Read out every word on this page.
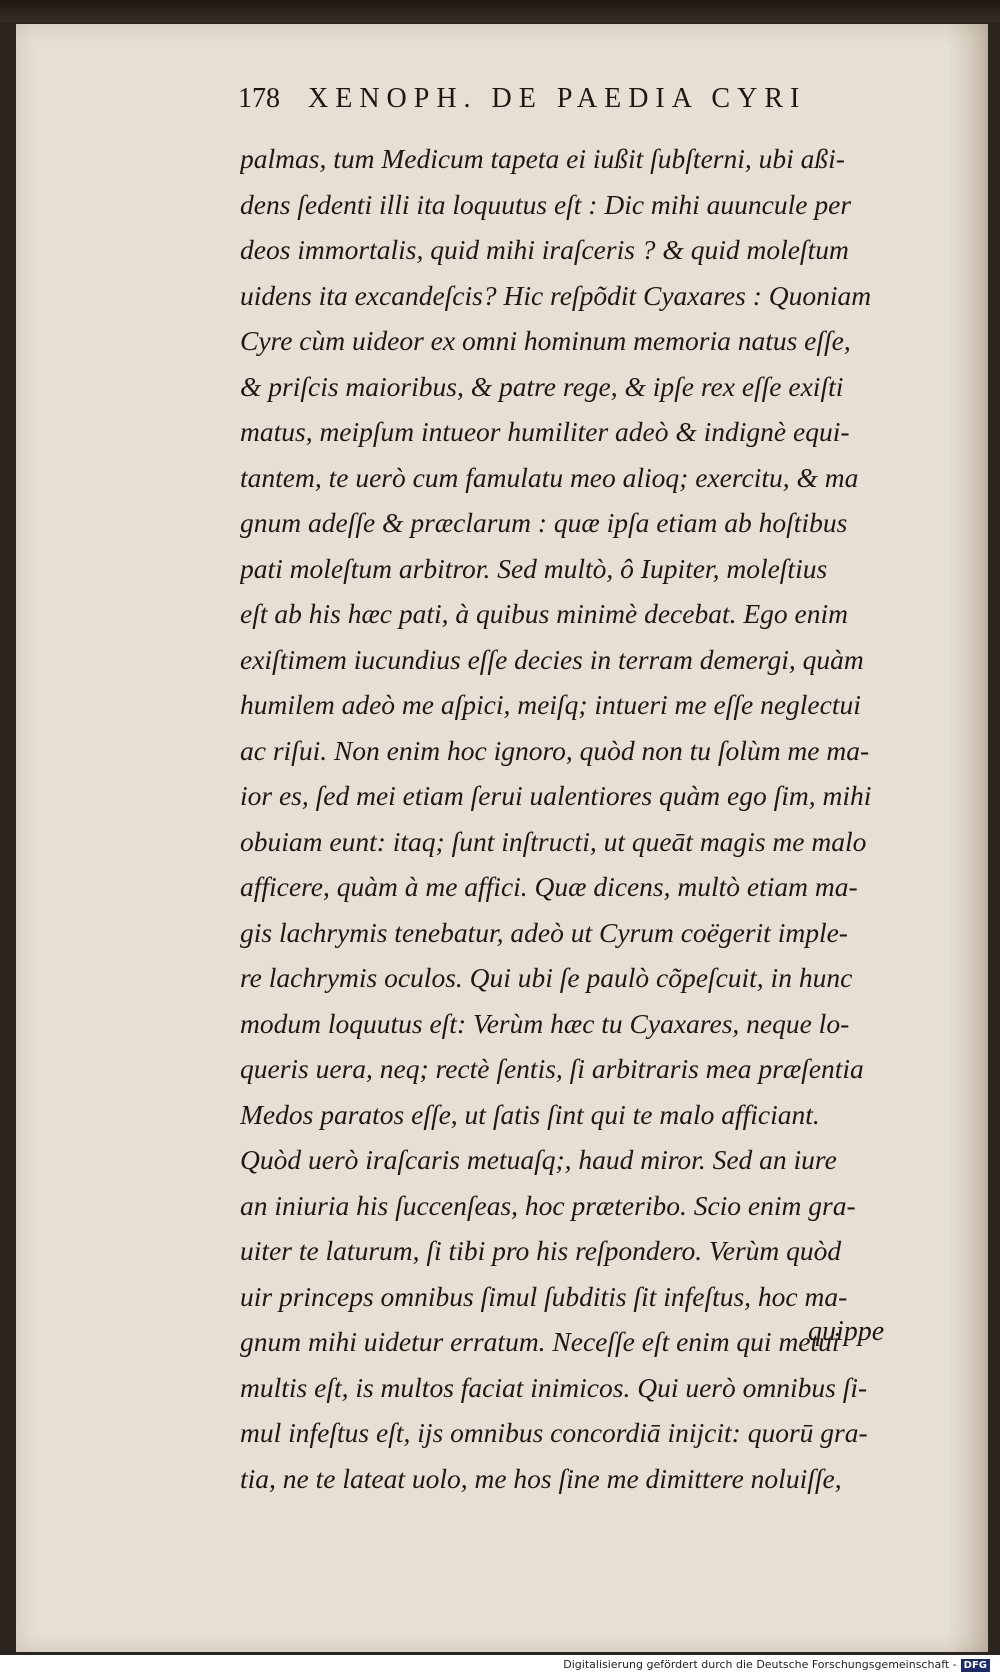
178 XENOPH. DE PAEDIA CYRI
palmas, tum Medicum tapeta ei iußit ſubſterni, ubi aßi-
dens ſedenti illi ita loquutus eſt : Dic mihi auuncule per
deos immortalis, quid mihi iraſceris ? & quid moleſtum
uidens ita excandeſcis? Hic reſpõdit Cyaxares : Quoniam
Cyre cùm uideor ex omni hominum memoria natus eſſe,
& priſcis maioribus, & patre rege, & ipſe rex eſſe exiſti
matus, meipſum intueor humiliter adeò & indignè equi-
tantem, te uerò cum famulatu meo alioq; exercitu, & ma
gnum adeſſe & præclarum : quæ ipſa etiam ab hoſtibus
pati moleſtum arbitror. Sed multò, ô Iupiter, moleſtius
eſt ab his hæc pati, à quibus minimè decebat. Ego enim
exiſtimem iucundius eſſe decies in terram demergi, quàm
humilem adeò me aſpici, meiſq; intueri me eſſe neglectui
ac riſui. Non enim hoc ignoro, quòd non tu ſolùm me ma-
ior es, ſed mei etiam ſerui ualentiores quàm ego ſim, mihi
obuiam eunt: itaq; ſunt inſtructi, ut queāt magis me malo
afficere, quàm à me affici. Quæ dicens, multò etiam ma-
gis lachrymis tenebatur, adeò ut Cyrum coëgerit imple-
re lachrymis oculos. Qui ubi ſe paulò cõpeſcuit, in hunc
modum loquutus eſt: Verùm hæc tu Cyaxares, neque lo-
queris uera, neq; rectè ſentis, ſi arbitraris mea præſentia
Medos paratos eſſe, ut ſatis ſint qui te malo afficiant.
Quòd uerò iraſcaris metuaſq;, haud miror. Sed an iure
an iniuria his ſuccenſeas, hoc præteribo. Scio enim gra-
uiter te laturum, ſi tibi pro his reſpondero. Verùm quòd
uir princeps omnibus ſimul ſubditis ſit infeſtus, hoc ma-
gnum mihi uidetur erratum. Neceſſe eſt enim qui metui
multis eſt, is multos faciat inimicos. Qui uerò omnibus ſi-
mul infeſtus eſt, ijs omnibus concordiā inijcit: quorū gra-
tia, ne te lateat uolo, me hos ſine me dimittere noluiſſe,
quippe
Digitalisierung gefördert durch die Deutsche Forschungsgemeinschaft - DFG
